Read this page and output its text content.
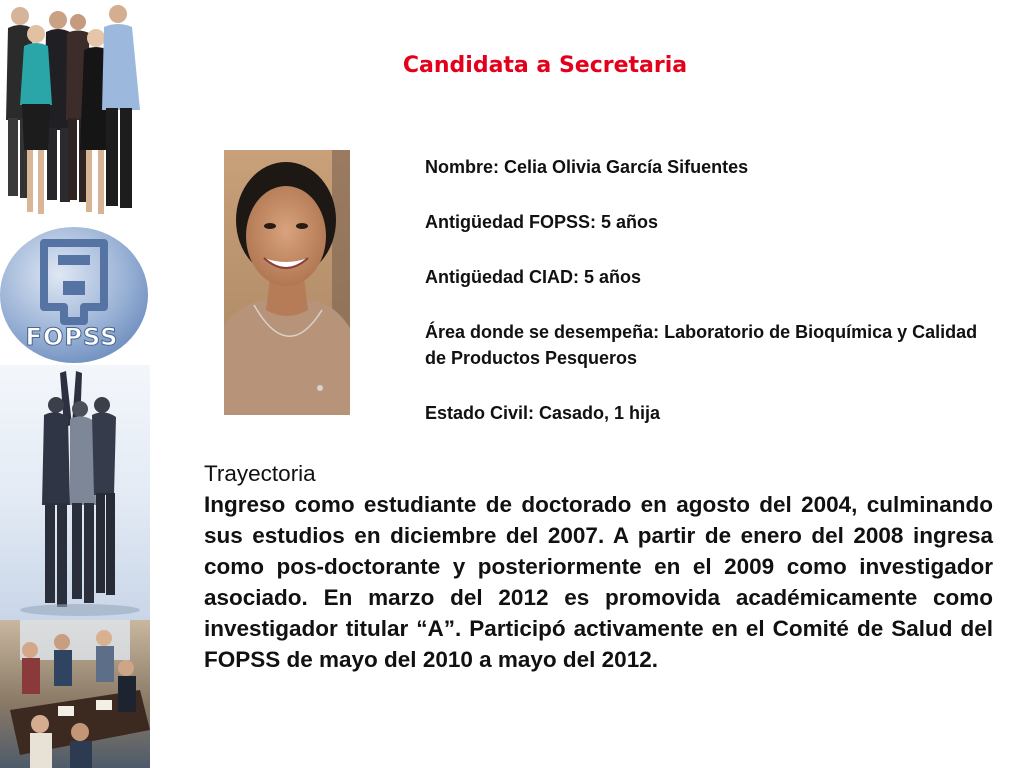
FOPSS
Candidata a Secretaria
Nombre: Celia Olivia García Sifuentes
Antigüedad FOPSS: 5 años
Antigüedad CIAD: 5 años
Área donde se desempeña: Laboratorio de Bioquímica y Calidad de Productos Pesqueros
Estado Civil: Casado, 1 hija
Trayectoria
Ingreso como estudiante de doctorado en agosto del 2004, culminando sus estudios en diciembre del 2007. A partir de enero del 2008 ingresa como pos-doctorante y posteriormente en el 2009 como investigador asociado. En marzo del 2012 es promovida académicamente como investigador titular “A”. Participó activamente en el Comité de Salud del FOPSS de mayo del 2010 a mayo del 2012.
